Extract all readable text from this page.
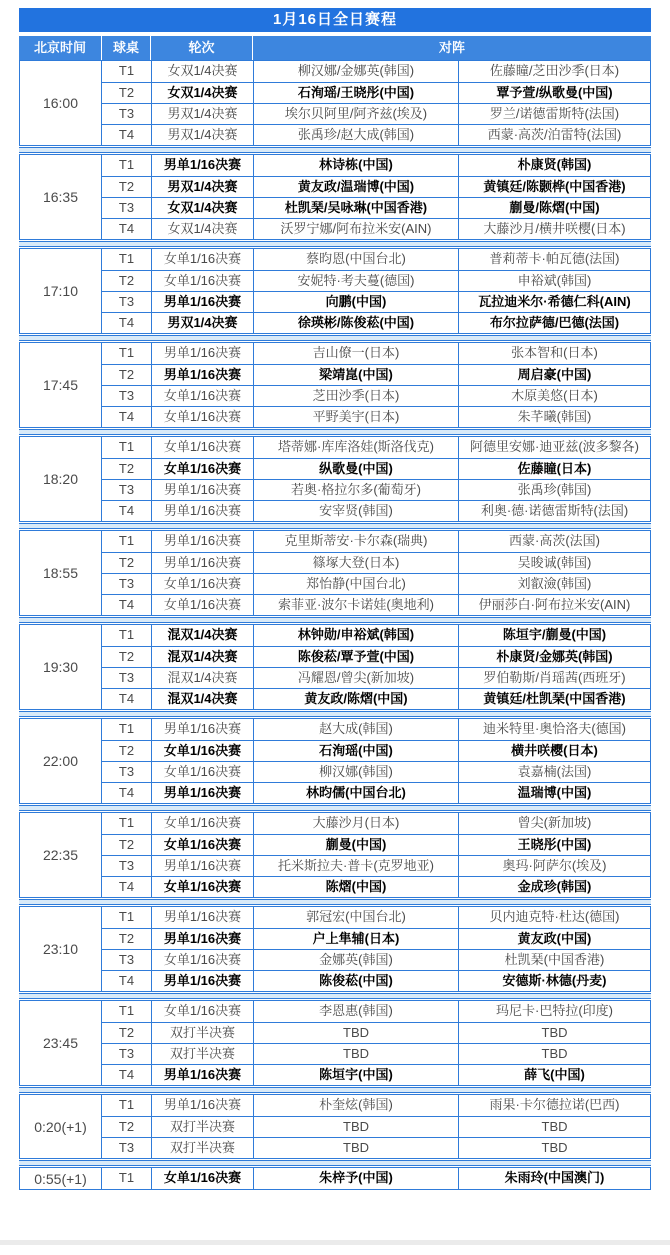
1月16日全日赛程
北京时间	球桌	轮次	对阵
16:00
T1	女双1/4决赛	柳汉娜/金娜英(韩国)	佐藤瞳/芝田沙季(日本)
T2	女双1/4决赛	石洵瑶/王晓彤(中国)	覃予萱/纵歌曼(中国)
T3	男双1/4决赛	埃尔贝阿里/阿齐兹(埃及)	罗兰/诺德雷斯特(法国)
T4	男双1/4决赛	张禹珍/赵大成(韩国)	西蒙·高茨/泊雷特(法国)
16:35
T1	男单1/16决赛	林诗栋(中国)	朴康贤(韩国)
T2	男双1/4决赛	黄友政/温瑞博(中国)	黄镇廷/陈颢桦(中国香港)
T3	女双1/4决赛	杜凯琹/吴咏琳(中国香港)	蒯曼/陈熠(中国)
T4	女双1/4决赛	沃罗宁娜/阿布拉米安(AIN)	大藤沙月/横井咲樱(日本)
17:10
T1	女单1/16决赛	蔡昀恩(中国台北)	普莉蒂卡·帕瓦德(法国)
T2	女单1/16决赛	安妮特·考夫蔓(德国)	申裕斌(韩国)
T3	男单1/16决赛	向鹏(中国)	瓦拉迪米尔·希德仁科(AIN)
T4	男双1/4决赛	徐瑛彬/陈俊菘(中国)	布尔拉萨德/巴德(法国)
17:45
T1	男单1/16决赛	吉山僚一(日本)	张本智和(日本)
T2	男单1/16决赛	梁靖崑(中国)	周启豪(中国)
T3	女单1/16决赛	芝田沙季(日本)	木原美悠(日本)
T4	女单1/16决赛	平野美宇(日本)	朱芊曦(韩国)
18:20
T1	女单1/16决赛	塔蒂娜·库库洛娃(斯洛伐克)	阿德里安娜·迪亚兹(波多黎各)
T2	女单1/16决赛	纵歌曼(中国)	佐藤瞳(日本)
T3	男单1/16决赛	若奥·格拉尔多(葡萄牙)	张禹珍(韩国)
T4	男单1/16决赛	安宰贤(韩国)	利奥·德·诺德雷斯特(法国)
18:55
T1	男单1/16决赛	克里斯蒂安·卡尔森(瑞典)	西蒙·高茨(法国)
T2	男单1/16决赛	篠塚大登(日本)	吴晙诚(韩国)
T3	女单1/16决赛	郑怡静(中国台北)	刘叡澰(韩国)
T4	女单1/16决赛	索菲亚·波尔卡诺娃(奥地利)	伊丽莎白·阿布拉米安(AIN)
19:30
T1	混双1/4决赛	林钟勋/申裕斌(韩国)	陈垣宇/蒯曼(中国)
T2	混双1/4决赛	陈俊菘/覃予萱(中国)	朴康贤/金娜英(韩国)
T3	混双1/4决赛	冯耀恩/曾尖(新加坡)	罗伯勒斯/肖瑶茜(西班牙)
T4	混双1/4决赛	黄友政/陈熠(中国)	黄镇廷/杜凯琹(中国香港)
22:00
T1	男单1/16决赛	赵大成(韩国)	迪米特里·奥恰洛夫(德国)
T2	女单1/16决赛	石洵瑶(中国)	横井咲樱(日本)
T3	女单1/16决赛	柳汉娜(韩国)	袁嘉楠(法国)
T4	男单1/16决赛	林昀儒(中国台北)	温瑞博(中国)
22:35
T1	女单1/16决赛	大藤沙月(日本)	曾尖(新加坡)
T2	女单1/16决赛	蒯曼(中国)	王晓彤(中国)
T3	男单1/16决赛	托米斯拉夫·普卡(克罗地亚)	奥玛·阿萨尔(埃及)
T4	女单1/16决赛	陈熠(中国)	金成珍(韩国)
23:10
T1	男单1/16决赛	郭冠宏(中国台北)	贝内迪克特·杜达(德国)
T2	男单1/16决赛	户上隼辅(日本)	黄友政(中国)
T3	女单1/16决赛	金娜英(韩国)	杜凯琹(中国香港)
T4	男单1/16决赛	陈俊菘(中国)	安德斯·林德(丹麦)
23:45
T1	女单1/16决赛	李恩惠(韩国)	玛尼卡·巴特拉(印度)
T2	双打半决赛	TBD	TBD
T3	双打半决赛	TBD	TBD
T4	男单1/16决赛	陈垣宇(中国)	薛飞(中国)
0:20(+1)
T1	男单1/16决赛	朴奎炫(韩国)	雨果·卡尔德拉诺(巴西)
T2	双打半决赛	TBD	TBD
T3	双打半决赛	TBD	TBD
0:55(+1)	T1	女单1/16决赛	朱梓予(中国)	朱雨玲(中国澳门)
